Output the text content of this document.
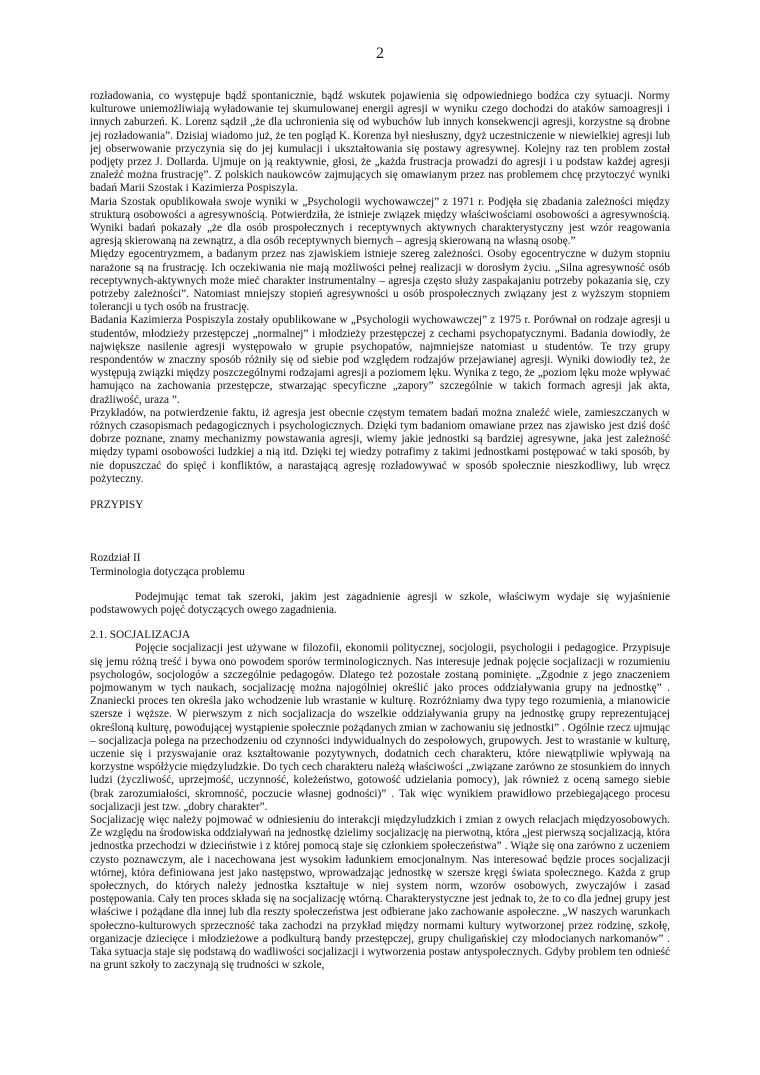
2

rozładowania, co występuje bądź spontanicznie, bądź wskutek pojawienia się odpowiedniego bodźca czy sytuacji. Normy kulturowe uniemożliwiają wyładowanie tej skumulowanej energii agresji w wyniku czego dochodzi do ataków samoagresji i innych zaburzeń. K. Lorenz sądził „że dla uchronienia się od wybuchów lub innych konsekwencji agresji, korzystne są drobne jej rozładowania”. Dzisiaj wiadomo już, że ten pogląd K. Korenza był niesłuszny, dgyż uczestniczenie w niewielkiej agresji lub jej obserwowanie przyczynia się do jej kumulacji i ukształtowania się postawy agresywnej. Kolejny raz ten problem został podjęty przez J. Dollarda. Ujmuje on ją reaktywnie, głosi, że „każda frustracja prowadzi do agresji i u podstaw każdej agresji znaleźć można frustrację”. Z polskich naukowców zajmujących się omawianym przez nas problemem chcę przytoczyć wyniki badań Marii Szostak i Kazimierza Pospiszyla.

Maria Szostak opublikowała swoje wyniki w „Psychologii wychowawczej” z 1971 r. Podjęła się zbadania zależności między strukturą osobowości a agresywnością. Potwierdziła, że istnieje związek między właściwościami osobowości a agresywnością. Wyniki badań pokazały „że dla osób prospołecznych i receptywnych aktywnych charakterystyczny jest wzór reagowania agresją skierowaną na zewnątrz, a dla osób receptywnych biernych – agresją skierowaną na własną osobę.”

Między egocentryzmem, a badanym przez nas zjawiskiem istnieje szereg zależności. Osoby egocentryczne w dużym stopniu narażone są na frustrację. Ich oczekiwania nie mają możliwości pełnej realizacji w dorosłym życiu. „Silna agresywność osób receptywnych-aktywnych może mieć charakter instrumentalny – agresja często służy zaspakajaniu potrzeby pokazania się, czy potrzeby zależności”. Natomiast mniejszy stopień agresywności u osób prospołecznych związany jest z wyższym stopniem tolerancji u tych osób na frustrację.

Badania Kazimierza Pospiszyla zostały opublikowane w „Psychologii wychowawczej” z 1975 r. Porównał on rodzaje agresji u studentów, młodzieży przestępczej „normalnej” i młodzieży przestępczej z cechami psychopatycznymi. Badania dowiodły, że największe nasilenie agresji występowało w grupie psychopatów, najmniejsze natomiast u studentów. Te trzy grupy respondentów w znaczny sposób różniły się od siebie pod względem rodzajów przejawianej agresji. Wyniki dowiodły też, że występują związki między poszczególnymi rodzajami agresji a poziomem lęku. Wynika z tego, że „poziom lęku może wpływać hamująco na zachowania przestępcze, stwarzając specyficzne „zapory” szczególnie w takich formach agresji jak akta, drażliwość, uraza ”.

Przykładów, na potwierdzenie faktu, iż agresja jest obecnie częstym tematem badań można znaleźć wiele, zamieszczanych w różnych czasopismach pedagogicznych i psychologicznych. Dzięki tym badaniom omawiane przez nas zjawisko jest dziś dość dobrze poznane, znamy mechanizmy powstawania agresji, wiemy jakie jednostki są bardziej agresywne, jaka jest zależność między typami osobowości ludzkiej a nią itd. Dzięki tej wiedzy potrafimy z takimi jednostkami postępować w taki sposób, by nie dopuszczać do spięć i konfliktów, a narastającą agresję rozładowywać w sposób społecznie nieszkodliwy, lub wręcz pożyteczny.

PRZYPISY

Rozdział II

Terminologia dotycząca problemu

Podejmując temat tak szeroki, jakim jest zagadnienie agresji w szkole, właściwym wydaje się wyjaśnienie podstawowych pojęć dotyczących owego zagadnienia.

2.1. SOCJALIZACJA

Pojęcie socjalizacji jest używane w filozofii, ekonomii politycznej, socjologii, psychologii i pedagogice. Przypisuje się jemu różną treść i bywa ono powodem sporów terminologicznych. Nas interesuje jednak pojęcie socjalizacji w rozumieniu psychologów, socjologów a szczególnie pedagogów. Dlatego też pozostałe zostaną pominięte. „Zgodnie z jego znaczeniem pojmowanym w tych naukach, socjalizację można najogólniej określić jako proces oddziaływania grupy na jednostkę” . Znaniecki proces ten określa jako wchodzenie lub wrastanie w kulturę. Rozróżniamy dwa typy tego rozumienia, a mianowicie szersze i węższe. W pierwszym z nich socjalizacja do wszelkie oddziaływania grupy na jednostkę grupy reprezentującej określoną kulturę, powodującej wystąpienie społecznie pożądanych zmian w zachowaniu się jednostki” . Ogólnie rzecz ujmując – socjalizacja polega na przechodzeniu od czynności indywidualnych do zespołowych, grupowych. Jest to wrastanie w kulturę, uczenie się i przyswajanie oraz kształtowanie pozytywnych, dodatnich cech charakteru, które niewątpliwie wpływają na korzystne współżycie międzyludzkie. Do tych cech charakteru należą właściwości „związane zarówno ze stosunkiem do innych ludzi (życzliwość, uprzejmość, uczynność, koleżeństwo, gotowość udzielania pomocy), jak również z oceną samego siebie (brak zarozumiałości, skromność, poczucie własnej godności)” . Tak więc wynikiem prawidłowo przebiegającego procesu socjalizacji jest tzw. „dobry charakter”.

Socjalizację więc należy pojmować w odniesieniu do interakcji międzyludzkich i zmian z owych relacjach międzyosobowych. Ze względu na środowiska oddziaływań na jednostkę dzielimy socjalizację na pierwotną, która „jest pierwszą socjalizacją, która jednostka przechodzi w dzieciństwie i z której pomocą staje się członkiem społeczeństwa” . Wiąże się ona zarówno z uczeniem czysto poznawczym, ale i nacechowana jest wysokim ładunkiem emocjonalnym. Nas interesować będzie proces socjalizacji wtórnej, która definiowana jest jako następstwo, wprowadzając jednostkę w szersze kręgi świata społecznego. Każda z grup społecznych, do których należy jednostka kształtuje w niej system norm, wzorów osobowych, zwyczajów i zasad postępowania. Cały ten proces składa się na socjalizację wtórną. Charakterystyczne jest jednak to, że to co dla jednej grupy jest właściwe i pożądane dla innej lub dla reszty społeczeństwa jest odbierane jako zachowanie aspołeczne. „W naszych warunkach społeczno-kulturowych sprzeczność taka zachodzi na przykład między normami kultury wytworzonej przez rodzinę, szkołę, organizacje dziecięce i młodzieżowe a podkulturą bandy przestępczej, grupy chuligańskiej czy młodocianych narkomanów” . Taka sytuacja staje się podstawą do wadliwości socjalizacji i wytworzenia postaw antyspołecznych. Gdyby problem ten odnieść na grunt szkoły to zaczynają się trudności w szkole,
